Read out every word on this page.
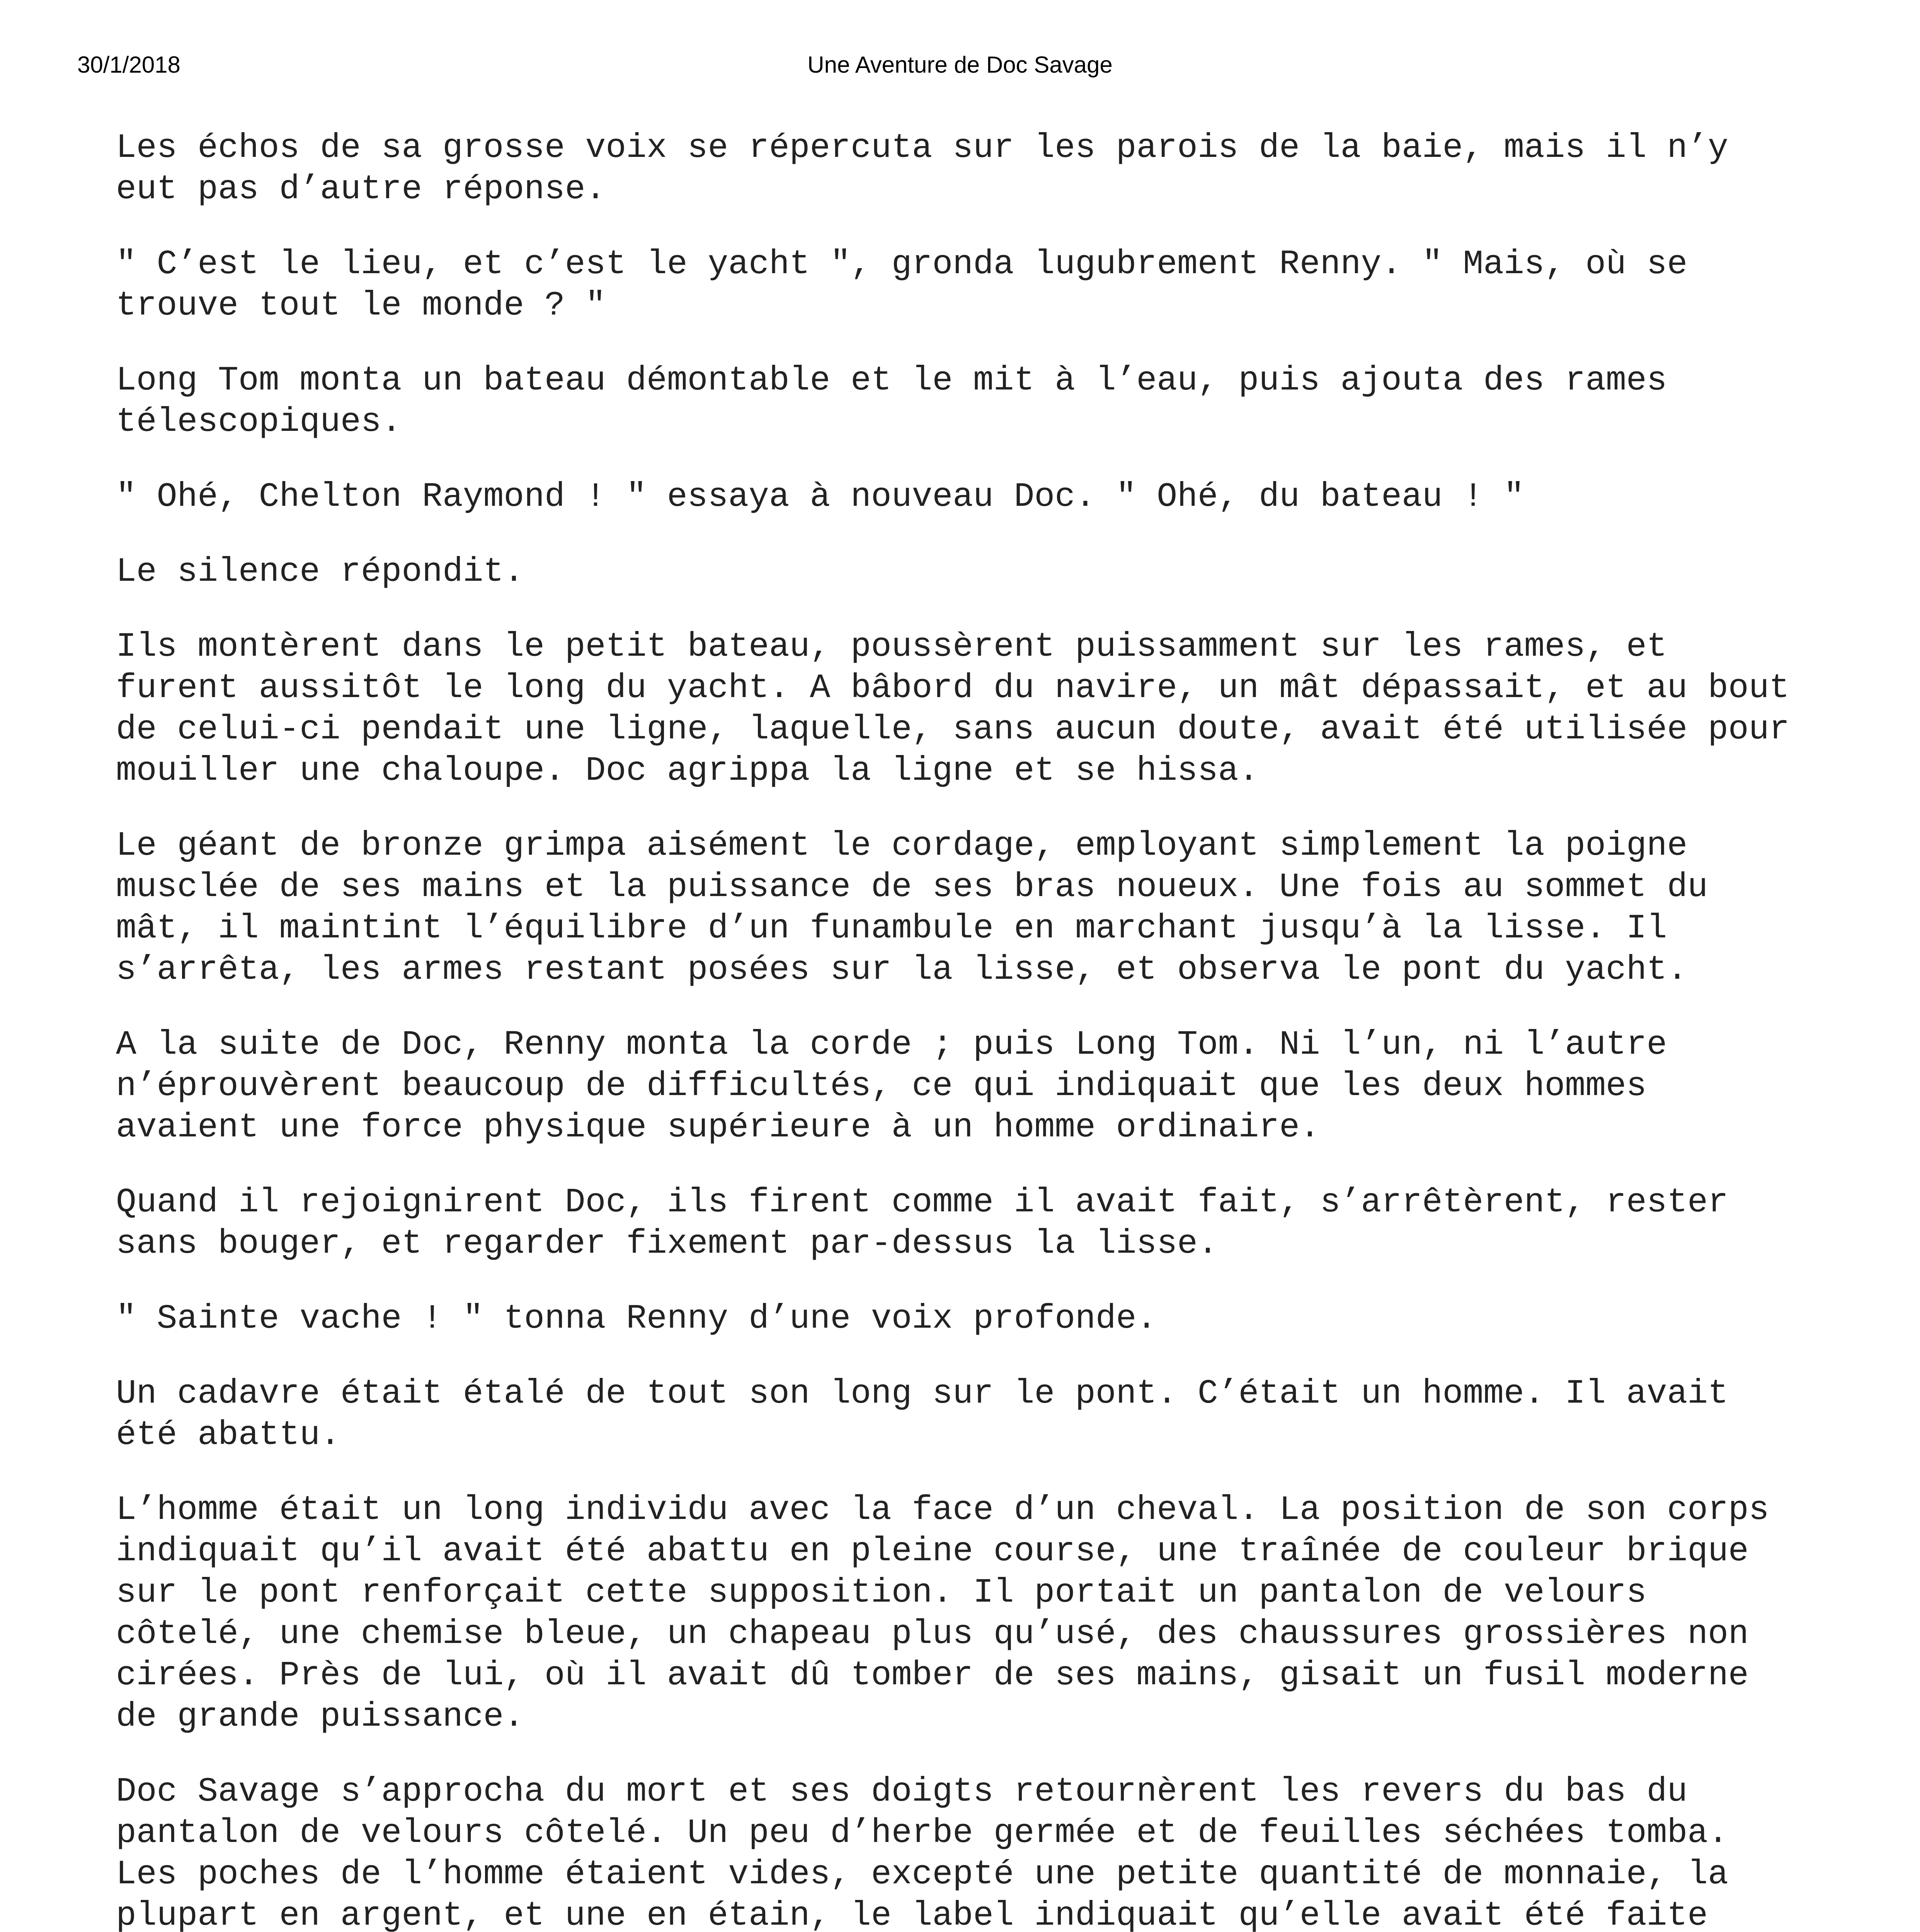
30/1/2018	Une Aventure de Doc Savage

Les échos de sa grosse voix se répercuta sur les parois de la baie, mais il n’y
eut pas d’autre réponse.

" C’est le lieu, et c’est le yacht ", gronda lugubrement Renny. " Mais, où se
trouve tout le monde ? "

Long Tom monta un bateau démontable et le mit à l’eau, puis ajouta des rames
télescopiques.

" Ohé, Chelton Raymond ! " essaya à nouveau Doc. " Ohé, du bateau ! "

Le silence répondit.

Ils montèrent dans le petit bateau, poussèrent puissamment sur les rames, et
furent aussitôt le long du yacht. A bâbord du navire, un mât dépassait, et au bout
de celui-ci pendait une ligne, laquelle, sans aucun doute, avait été utilisée pour
mouiller une chaloupe. Doc agrippa la ligne et se hissa.

Le géant de bronze grimpa aisément le cordage, employant simplement la poigne
musclée de ses mains et la puissance de ses bras noueux. Une fois au sommet du
mât, il maintint l’équilibre d’un funambule en marchant jusqu’à la lisse. Il
s’arrêta, les armes restant posées sur la lisse, et observa le pont du yacht.

A la suite de Doc, Renny monta la corde ; puis Long Tom. Ni l’un, ni l’autre
n’éprouvèrent beaucoup de difficultés, ce qui indiquait que les deux hommes
avaient une force physique supérieure à un homme ordinaire.

Quand il rejoignirent Doc, ils firent comme il avait fait, s’arrêtèrent, rester
sans bouger, et regarder fixement par-dessus la lisse.

" Sainte vache ! " tonna Renny d’une voix profonde.

Un cadavre était étalé de tout son long sur le pont. C’était un homme. Il avait
été abattu.

L’homme était un long individu avec la face d’un cheval. La position de son corps
indiquait qu’il avait été abattu en pleine course, une traînée de couleur brique
sur le pont renforçait cette supposition. Il portait un pantalon de velours
côtelé, une chemise bleue, un chapeau plus qu’usé, des chaussures grossières non
cirées. Près de lui, où il avait dû tomber de ses mains, gisait un fusil moderne
de grande puissance.

Doc Savage s’approcha du mort et ses doigts retournèrent les revers du bas du
pantalon de velours côtelé. Un peu d’herbe germée et de feuilles séchées tomba.
Les poches de l’homme étaient vides, excepté une petite quantité de monnaie, la
plupart en argent, et une en étain, le label indiquait qu’elle avait été faite
